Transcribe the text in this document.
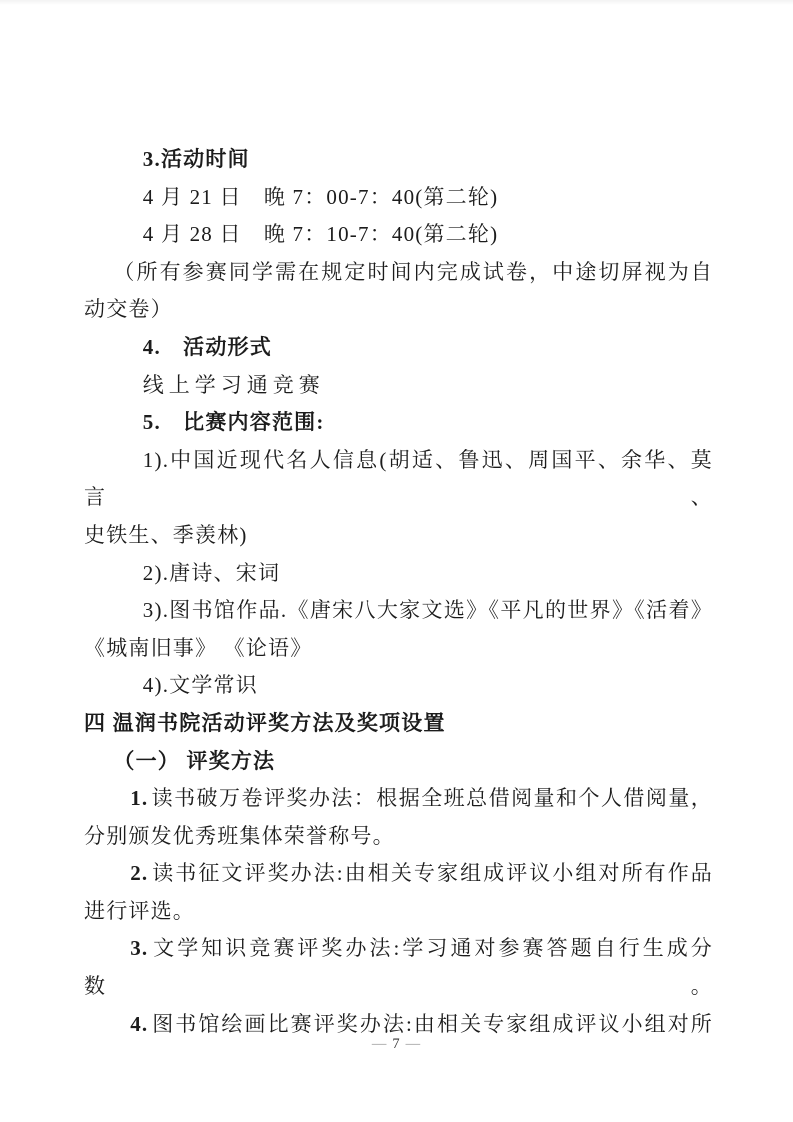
3.活动时间
4 月 21 日　晚 7：00-7：40(第二轮)
4 月 28 日　晚 7：10-7：40(第二轮)
（所有参赛同学需在规定时间内完成试卷，中途切屏视为自
动交卷）
4.　活动形式
线上学习通竞赛
5.　比赛内容范围:
1).中国近现代名人信息(胡适、鲁迅、周国平、余华、莫言、
史铁生、季羡林)
2).唐诗、宋词
3).图书馆作品.《唐宋八大家文选》《平凡的世界》《活着》
《城南旧事》 《论语》
4).文学常识
四 温润书院活动评奖方法及奖项设置
（一） 评奖方法
1. 读书破万卷评奖办法：根据全班总借阅量和个人借阅量，
分别颁发优秀班集体荣誉称号。
2. 读书征文评奖办法:由相关专家组成评议小组对所有作品
进行评选。
3. 文学知识竞赛评奖办法:学习通对参赛答题自行生成分数。
4. 图书馆绘画比赛评奖办法:由相关专家组成评议小组对所
— 7 —
